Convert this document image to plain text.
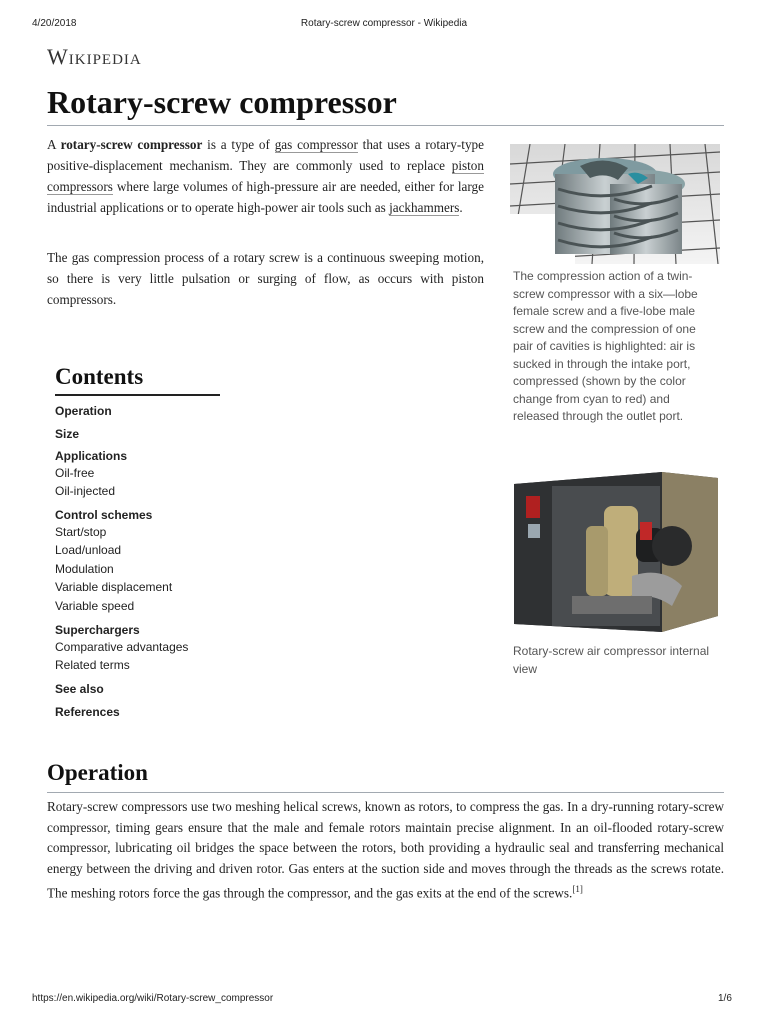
4/20/2018	Rotary-screw compressor - Wikipedia
Wikipedia
Rotary-screw compressor
A rotary-screw compressor is a type of gas compressor that uses a rotary-type positive-displacement mechanism. They are commonly used to replace piston compressors where large volumes of high-pressure air are needed, either for large industrial applications or to operate high-power air tools such as jackhammers.
The gas compression process of a rotary screw is a continuous sweeping motion, so there is very little pulsation or surging of flow, as occurs with piston compressors.
The compression action of a twin-screw compressor with a six—lobe female screw and a five-lobe male screw and the compression of one pair of cavities is highlighted: air is sucked in through the intake port, compressed (shown by the color change from cyan to red) and released through the outlet port.
Rotary-screw air compressor internal view
Contents
Operation
Size
Applications
Oil-free
Oil-injected
Control schemes
Start/stop
Load/unload
Modulation
Variable displacement
Variable speed
Superchargers
Comparative advantages
Related terms
See also
References
Operation
Rotary-screw compressors use two meshing helical screws, known as rotors, to compress the gas. In a dry-running rotary-screw compressor, timing gears ensure that the male and female rotors maintain precise alignment. In an oil-flooded rotary-screw compressor, lubricating oil bridges the space between the rotors, both providing a hydraulic seal and transferring mechanical energy between the driving and driven rotor. Gas enters at the suction side and moves through the threads as the screws rotate. The meshing rotors force the gas through the compressor, and the gas exits at the end of the screws.[1]
https://en.wikipedia.org/wiki/Rotary-screw_compressor	1/6
